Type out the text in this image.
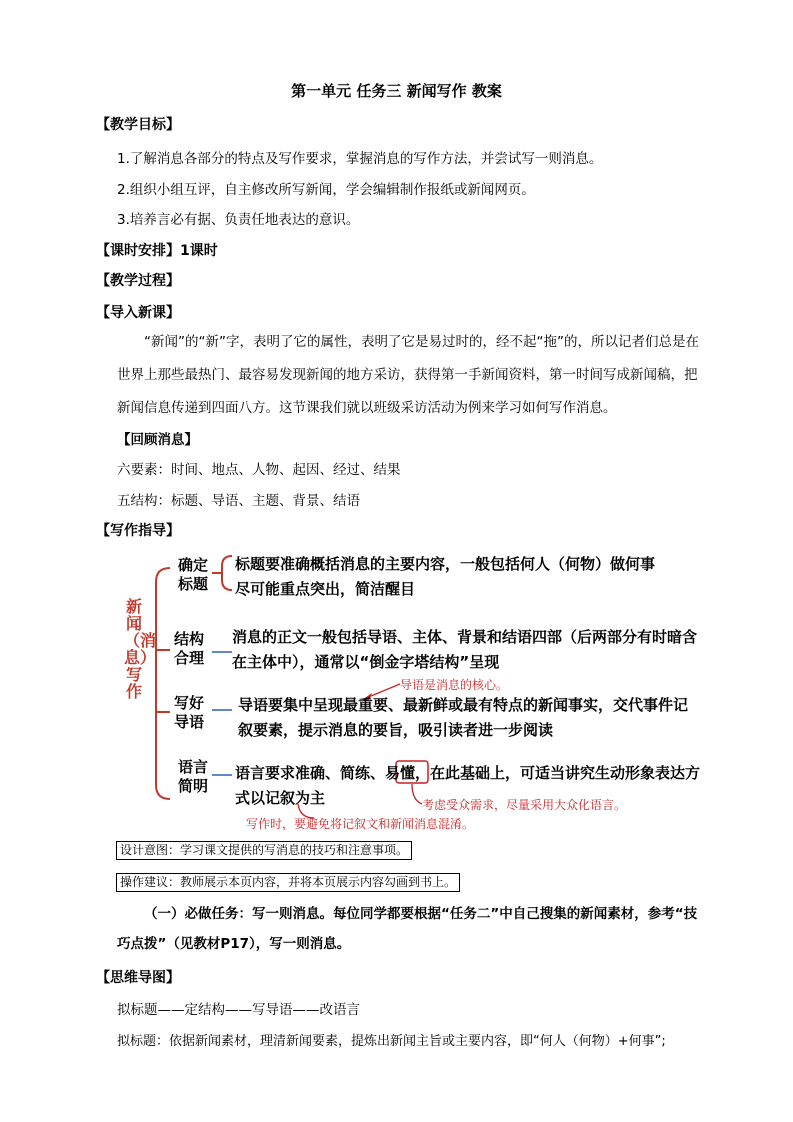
第一单元 任务三 新闻写作 教案
【教学目标】
1.了解消息各部分的特点及写作要求，掌握消息的写作方法，并尝试写一则消息。
2.组织小组互评，自主修改所写新闻，学会编辑制作报纸或新闻网页。
3.培养言必有据、负责任地表达的意识。
【课时安排】1课时
【教学过程】
【导入新课】
“新闻”的“新”字，表明了它的属性，表明了它是易过时的，经不起“拖”的，所以记者们总是在世界上那些最热门、最容易发现新闻的地方采访，获得第一手新闻资料，第一时间写成新闻稿，把新闻信息传递到四面八方。这节课我们就以班级采访活动为例来学习如何写作消息。
【回顾消息】
六要素：时间、地点、人物、起因、经过、结果
五结构：标题、导语、主题、背景、结语
【写作指导】
新闻（消息）写作
确定标题
结构合理
写好导语
语言简明
标题要准确概括消息的主要内容，一般包括何人（何物）做何事
尽可能重点突出，简洁醒目
消息的正文一般包括导语、主体、背景和结语四部（后两部分有时暗含
在主体中），通常以“倒金字塔结构”呈现
导语要集中呈现最重要、最新鲜或最有特点的新闻事实，交代事件记
叙要素，提示消息的要旨，吸引读者进一步阅读
语言要求准确、简练、易懂，在此基础上，可适当讲究生动形象表达方
式以记叙为主
导语是消息的核心。
考虑受众需求，尽量采用大众化语言。
写作时，要避免将记叙文和新闻消息混淆。
设计意图：学习课文提供的写消息的技巧和注意事项。
操作建议：教师展示本页内容，并将本页展示内容勾画到书上。
（一）必做任务：写一则消息。每位同学都要根据“任务二”中自己搜集的新闻素材，参考“技巧点拨”（见教材P17），写一则消息。
【思维导图】
拟标题——定结构——写导语——改语言
拟标题：依据新闻素材，理清新闻要素，提炼出新闻主旨或主要内容，即“何人（何物）+何事”;
